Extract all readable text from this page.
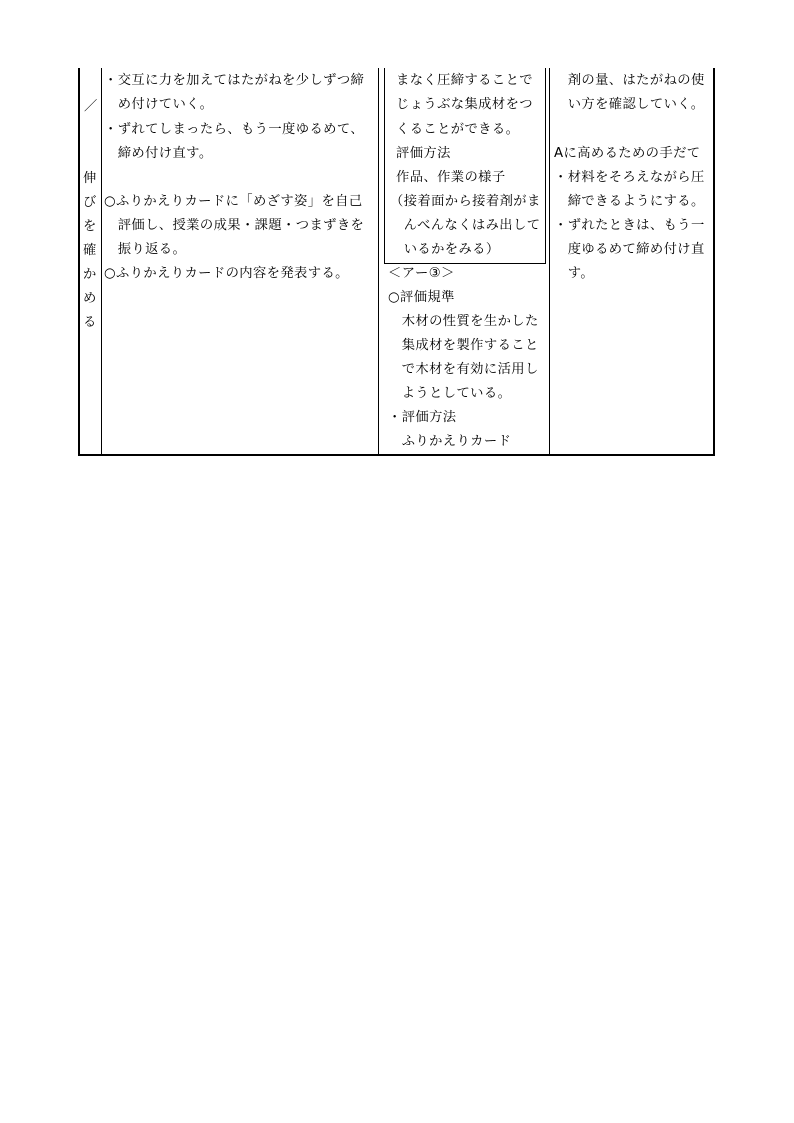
／
伸
び
を
確
か
め
る
・交互に力を加えてはたがねを少しずつ締
　め付けていく。
・ずれてしまったら、もう一度ゆるめて、
　締め付け直す。
○ふりかえりカードに「めざす姿」を自己
　評価し、授業の成果・課題・つまずきを
　振り返る。
○ふりかえりカードの内容を発表する。
まなく圧締することで
じょうぶな集成材をつ
くることができる。
評価方法
作品、作業の様子
（接着面から接着剤がま
　んべんなくはみ出して
　いるかをみる）
＜アー③＞
○評価規準
　木材の性質を生かした
　集成材を製作すること
　で木材を有効に活用し
　ようとしている。
・評価方法
　ふりかえりカード
　剤の量、はたがねの使
　い方を確認していく。
Aに高めるための手だて
・材料をそろえながら圧
　締できるようにする。
・ずれたときは、もう一
　度ゆるめて締め付け直
　す。
